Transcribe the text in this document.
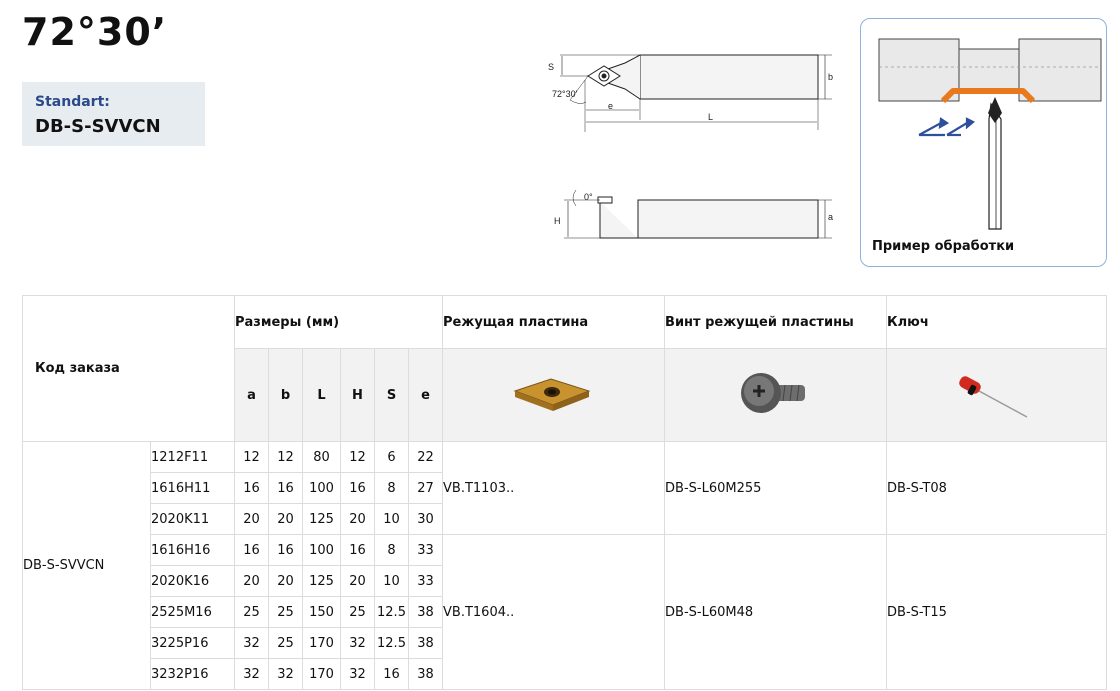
72°30’
Standart:
DB-S-SVVCN
S
b
72°30’
e
L
H	a
0°
Пример обработки
Код заказа		Размеры (мм)						Режущая пластина	Винт режущей пластины	Ключ
		a	b	L	H	S	e			
DB-S-SVVCN	1212F11	12	12	80	12	6	22	VB.T1103..	DB-S-L60M255	DB-S-T08
	1616H11	16	16	100	16	8	27			
	2020K11	20	20	125	20	10	30			
	1616H16	16	16	100	16	8	33	VB.T1604..	DB-S-L60M48	DB-S-T15
	2020K16	20	20	125	20	10	33			
	2525M16	25	25	150	25	12.5	38			
	3225P16	32	25	170	32	12.5	38			
	3232P16	32	32	170	32	16	38			
